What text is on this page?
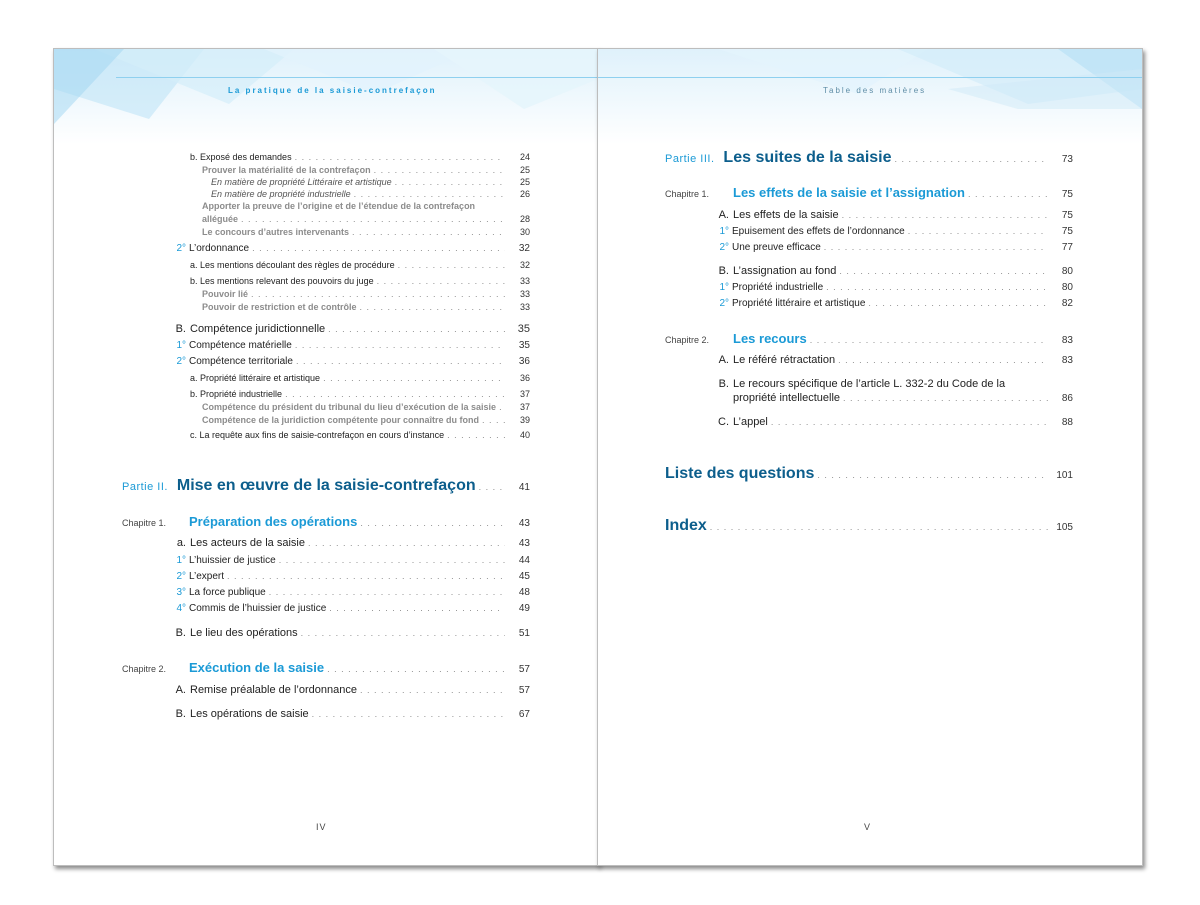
La pratique de la saisie-contrefaçon
b. Exposé des demandes . . .	24
Prouver la matérialité de la contrefaçon . . .	25
En matière de propriété Littéraire et artistique . . .	25
En matière de propriété industrielle . . .	26
Apporter la preuve de l’origine et de l’étendue de la contrefaçon
alléguée . . .	28
Le concours d’autres intervenants . . .	30
2° L’ordonnance . . .	32
a. Les mentions découlant des règles de procédure . . .	32
b. Les mentions relevant des pouvoirs du juge . . .	33
Pouvoir lié . . .	33
Pouvoir de restriction et de contrôle . . .	33
B. Compétence juridictionnelle . . .	35
1° Compétence matérielle . . .	35
2° Compétence territoriale . . .	36
a. Propriété littéraire et artistique . . .	36
b. Propriété industrielle . . .	37
Compétence du président du tribunal du lieu d’exécution de la saisie . . .	37
Compétence de la juridiction compétente pour connaître du fond . . .	39
c. La requête aux fins de saisie-contrefaçon en cours d’instance . . .	40
Partie II. Mise en œuvre de la saisie-contrefaçon . . .	41
Chapitre 1. Préparation des opérations . . .	43
a. Les acteurs de la saisie . . .	43
1° L’huissier de justice . . .	44
2° L’expert . . .	45
3° La force publique . . .	48
4° Commis de l’huissier de justice . . .	49
B. Le lieu des opérations . . .	51
Chapitre 2. Exécution de la saisie . . .	57
A. Remise préalable de l’ordonnance . . .	57
B. Les opérations de saisie . . .	67
IV
Table des matières
Partie III. Les suites de la saisie . . .	73
Chapitre 1. Les effets de la saisie et l’assignation . . .	75
A. Les effets de la saisie . . .	75
1° Epuisement des effets de l’ordonnance . . .	75
2° Une preuve efficace . . .	77
B. L’assignation au fond . . .	80
1° Propriété industrielle . . .	80
2° Propriété littéraire et artistique . . .	82
Chapitre 2. Les recours . . .	83
A. Le référé rétractation . . .	83
B. Le recours spécifique de l’article L. 332-2 du Code de la
propriété intellectuelle . . .	86
C. L’appel . . .	88
Liste des questions . . .	101
Index . . .	105
V
